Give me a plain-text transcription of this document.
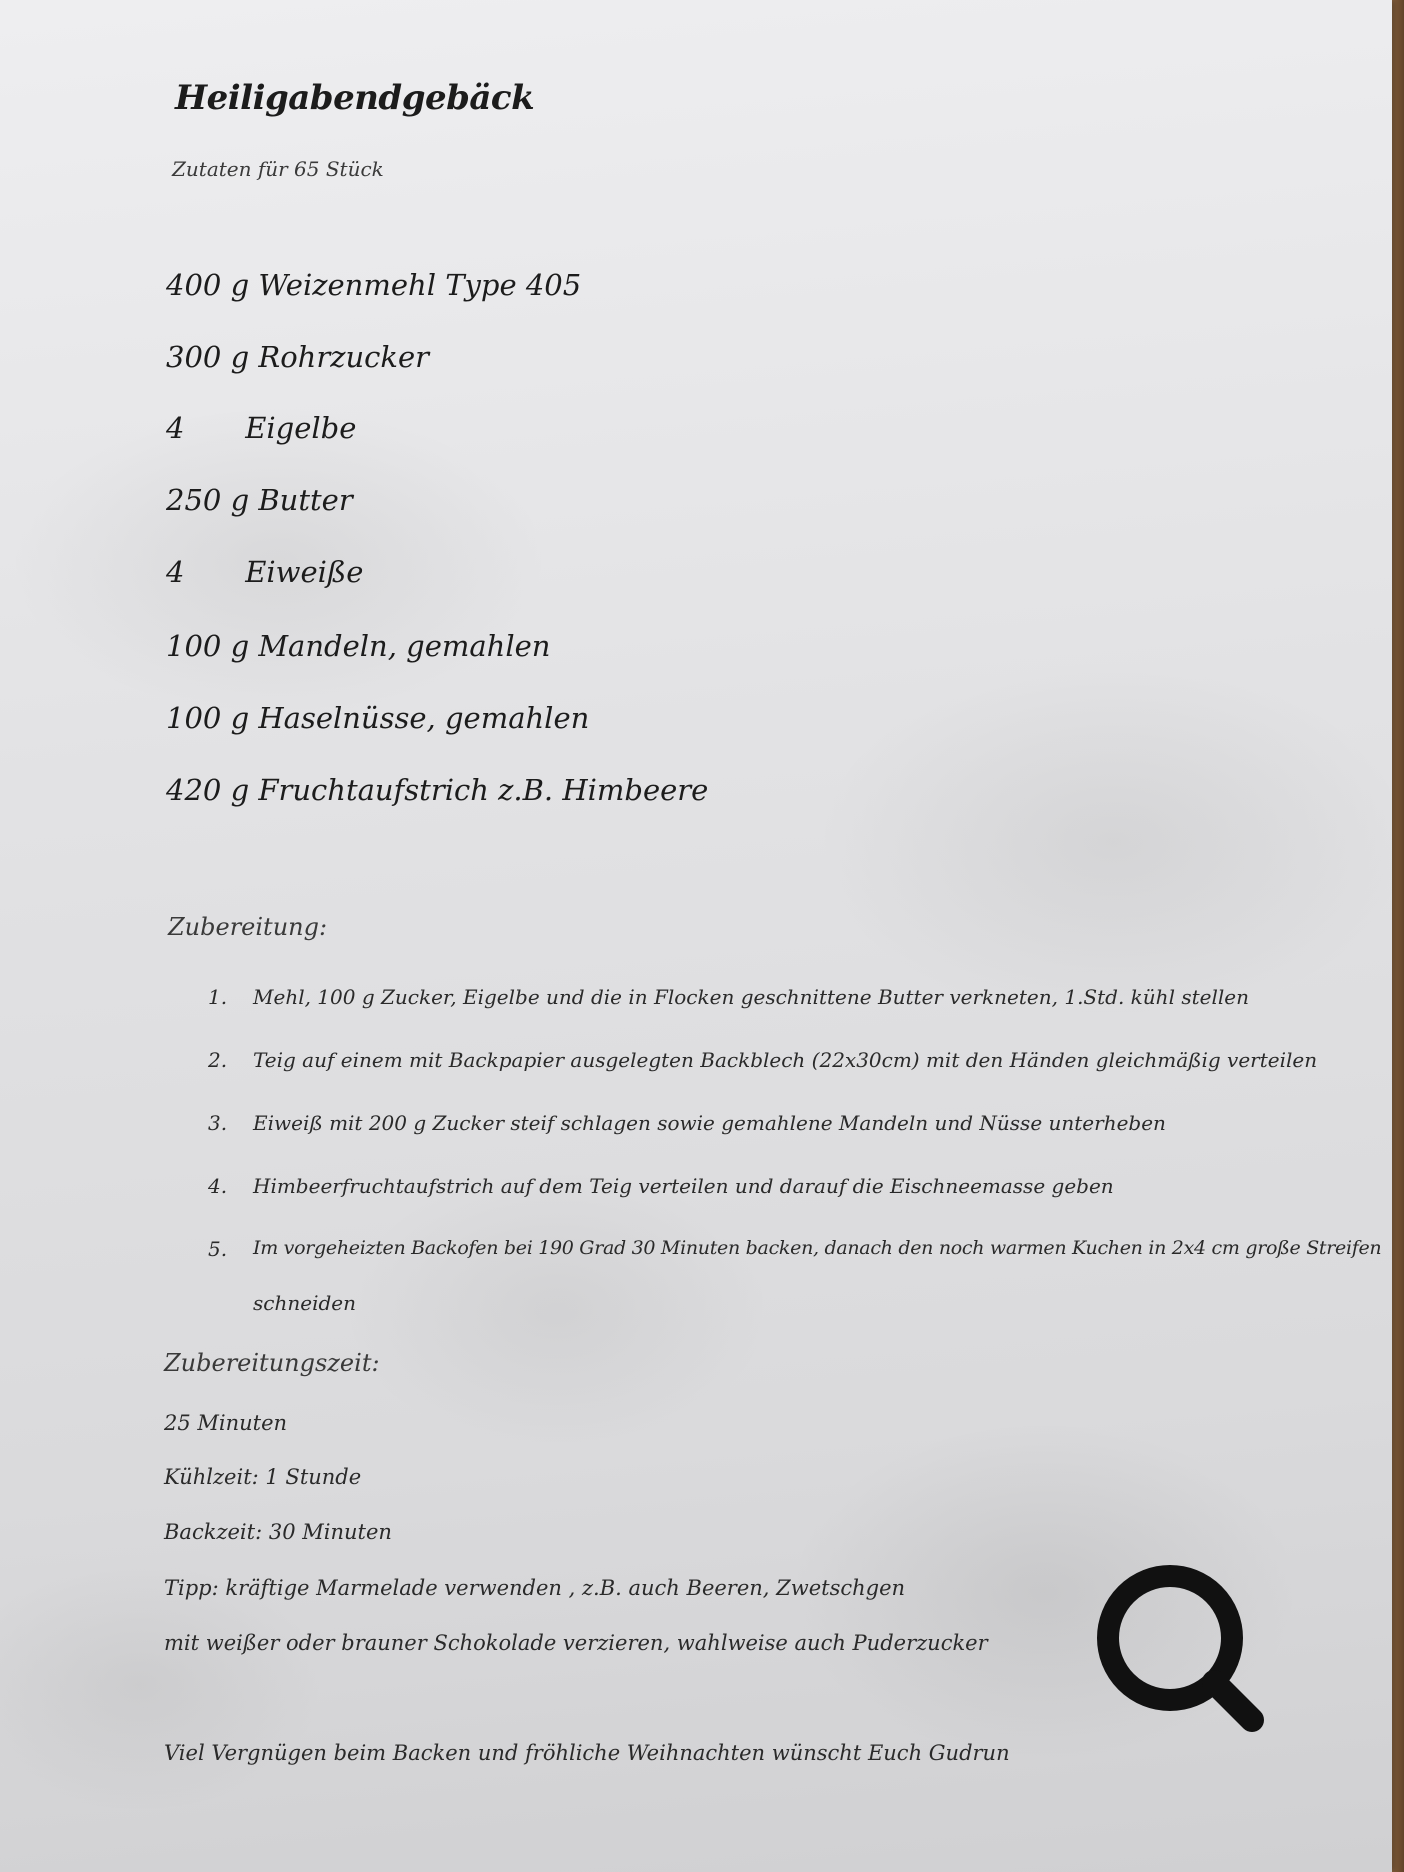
Heiligabendgebäck
Zutaten für 65 Stück
400 g Weizenmehl Type 405
300 g Rohrzucker
4 Eigelbe
250 g Butter
4 Eiweiße
100 g Mandeln, gemahlen
100 g Haselnüsse, gemahlen
420 g Fruchtaufstrich z.B. Himbeere
Zubereitung:
1. Mehl, 100 g Zucker, Eigelbe und die in Flocken geschnittene Butter verkneten, 1.Std. kühl stellen
2. Teig auf einem mit Backpapier ausgelegten Backblech (22x30cm) mit den Händen gleichmäßig verteilen
3. Eiweiß mit 200 g Zucker steif schlagen sowie gemahlene Mandeln und Nüsse unterheben
4. Himbeerfruchtaufstrich auf dem Teig verteilen und darauf die Eischneemasse geben
5. Im vorgeheizten Backofen bei 190 Grad 30 Minuten backen, danach den noch warmen Kuchen in 2x4 cm große Streifen
schneiden
Zubereitungszeit:
25 Minuten
Kühlzeit: 1 Stunde
Backzeit: 30 Minuten
Tipp: kräftige Marmelade verwenden , z.B. auch Beeren, Zwetschgen
mit weißer oder brauner Schokolade verzieren, wahlweise auch Puderzucker
Viel Vergnügen beim Backen und fröhliche Weihnachten wünscht Euch Gudrun
